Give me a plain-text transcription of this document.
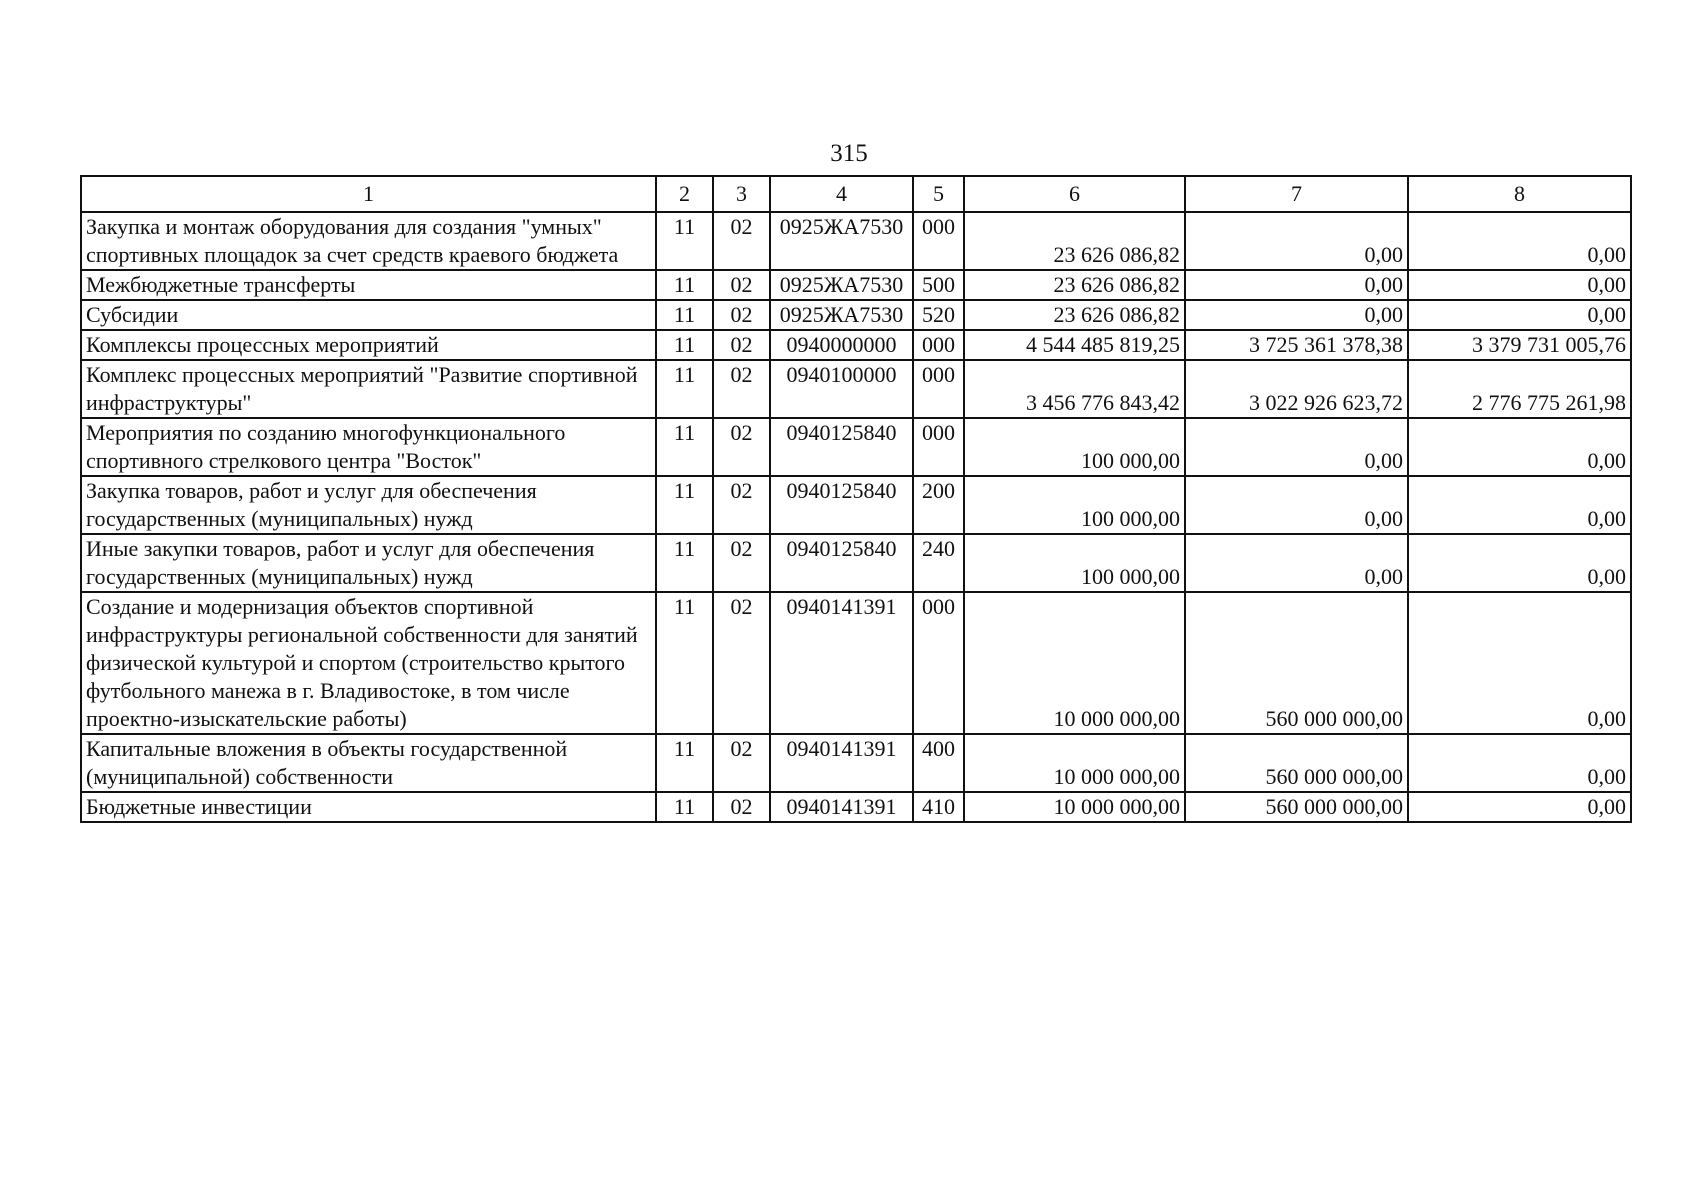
315
1	2	3	4	5	6	7	8
Закупка и монтаж оборудования для создания "умных" спортивных площадок за счет средств краевого бюджета	11	02	0925ЖА7530	000	23 626 086,82	0,00	0,00
Межбюджетные трансферты	11	02	0925ЖА7530	500	23 626 086,82	0,00	0,00
Субсидии	11	02	0925ЖА7530	520	23 626 086,82	0,00	0,00
Комплексы процессных мероприятий	11	02	0940000000	000	4 544 485 819,25	3 725 361 378,38	3 379 731 005,76
Комплекс процессных мероприятий "Развитие спортивной инфраструктуры"	11	02	0940100000	000	3 456 776 843,42	3 022 926 623,72	2 776 775 261,98
Мероприятия по созданию многофункционального спортивного стрелкового центра "Восток"	11	02	0940125840	000	100 000,00	0,00	0,00
Закупка товаров, работ и услуг для обеспечения государственных (муниципальных) нужд	11	02	0940125840	200	100 000,00	0,00	0,00
Иные закупки товаров, работ и услуг для обеспечения государственных (муниципальных) нужд	11	02	0940125840	240	100 000,00	0,00	0,00
Создание и модернизация объектов спортивной инфраструктуры региональной собственности для занятий физической культурой и спортом (строительство крытого футбольного манежа в г. Владивостоке, в том числе проектно-изыскательские работы)	11	02	0940141391	000	10 000 000,00	560 000 000,00	0,00
Капитальные вложения в объекты государственной (муниципальной) собственности	11	02	0940141391	400	10 000 000,00	560 000 000,00	0,00
Бюджетные инвестиции	11	02	0940141391	410	10 000 000,00	560 000 000,00	0,00
